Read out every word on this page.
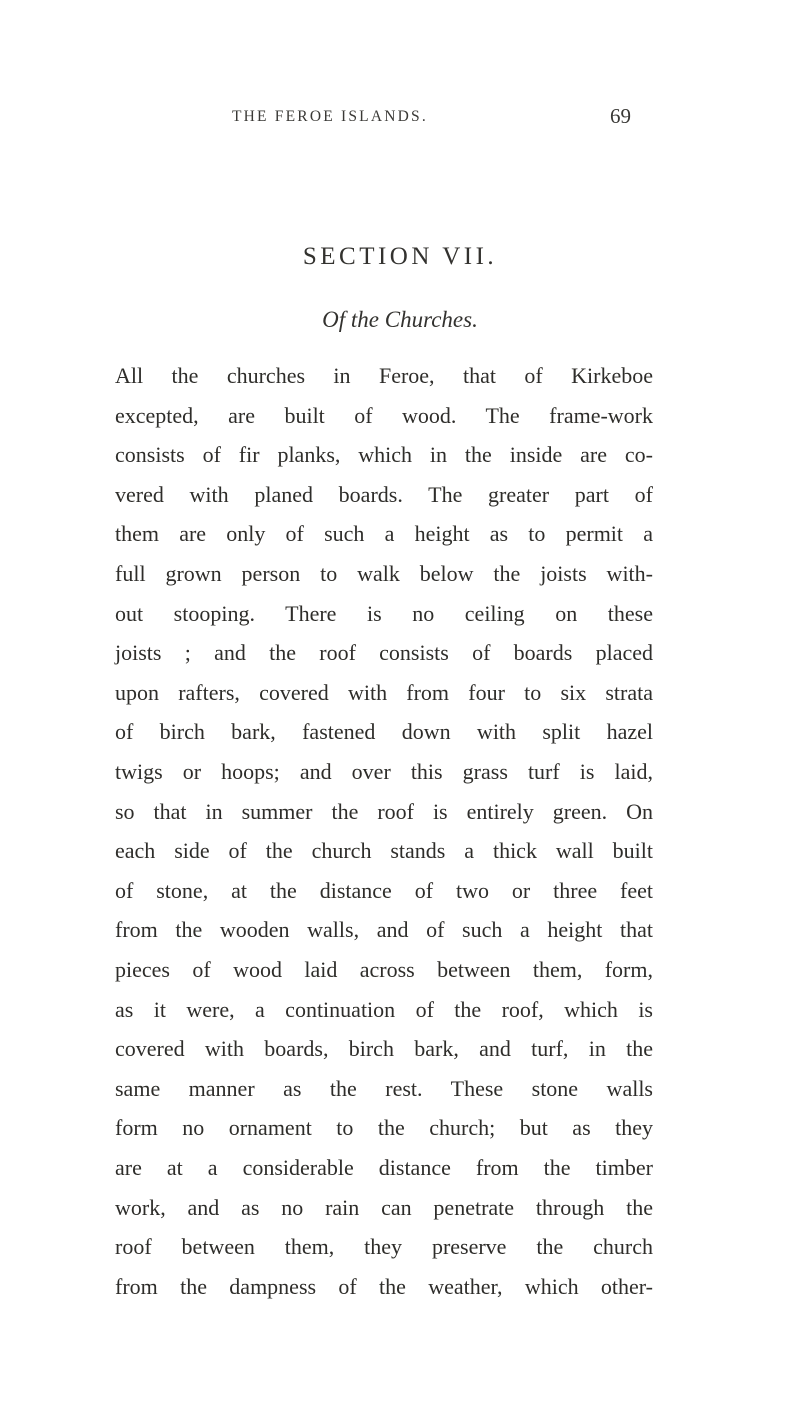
THE FEROE ISLANDS.	69
SECTION VII.
Of the Churches.
All the churches in Feroe, that of Kirkeboe
excepted, are built of wood. The frame-work
consists of fir planks, which in the inside are co-
vered with planed boards. The greater part of
them are only of such a height as to permit a
full grown person to walk below the joists with-
out stooping. There is no ceiling on these
joists ; and the roof consists of boards placed
upon rafters, covered with from four to six strata
of birch bark, fastened down with split hazel
twigs or hoops; and over this grass turf is laid,
so that in summer the roof is entirely green. On
each side of the church stands a thick wall built
of stone, at the distance of two or three feet
from the wooden walls, and of such a height that
pieces of wood laid across between them, form,
as it were, a continuation of the roof, which is
covered with boards, birch bark, and turf, in the
same manner as the rest. These stone walls
form no ornament to the church; but as they
are at a considerable distance from the timber
work, and as no rain can penetrate through the
roof between them, they preserve the church
from the dampness of the weather, which other-
